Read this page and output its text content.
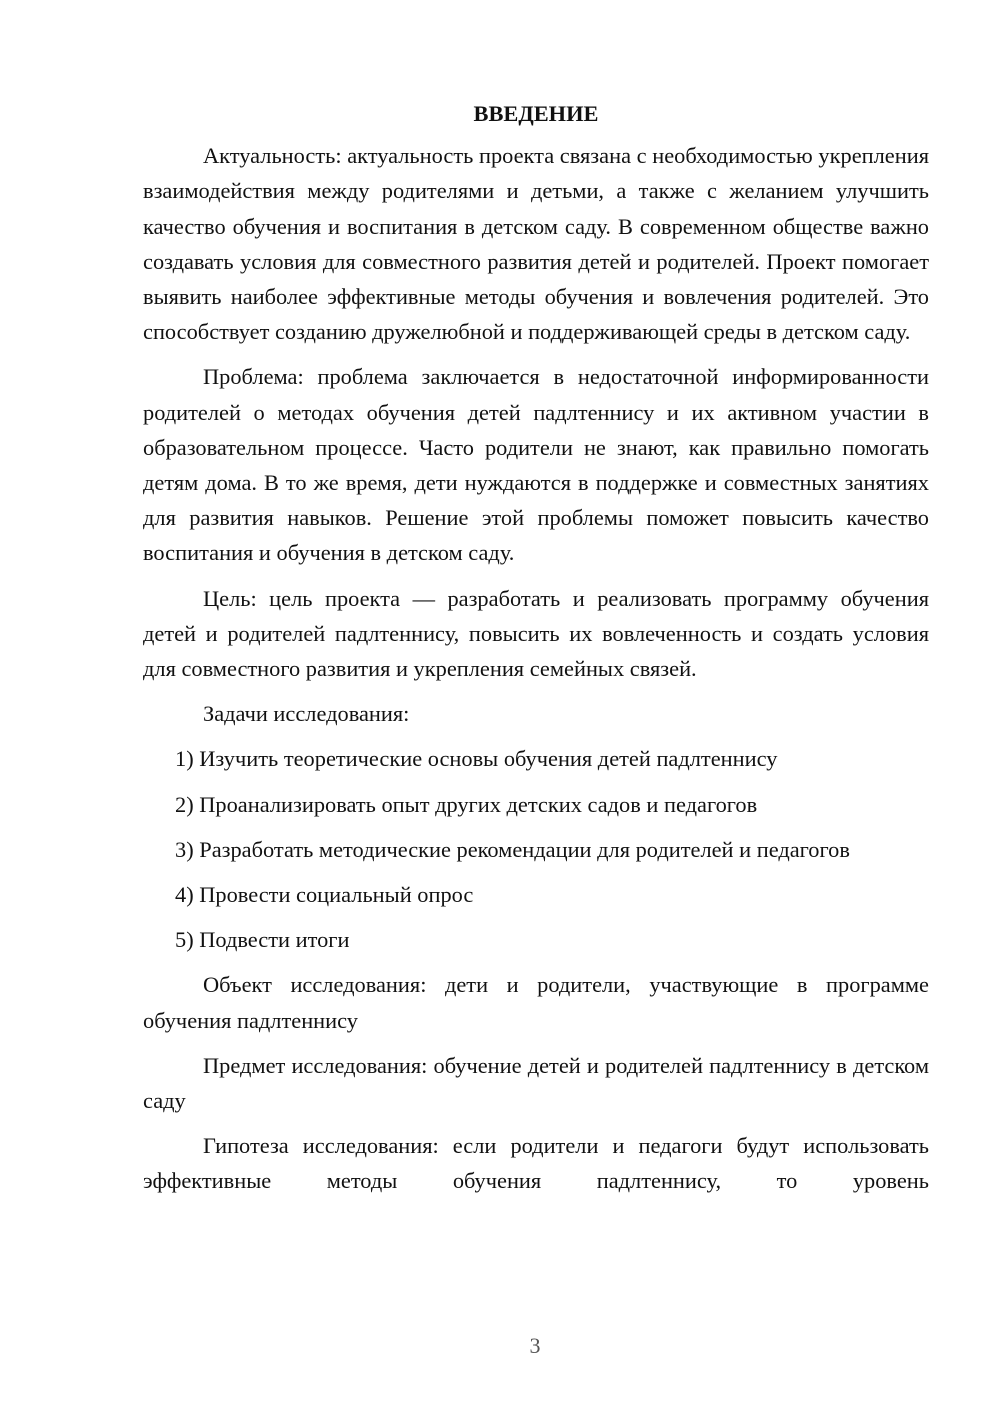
ВВЕДЕНИЕ

Актуальность: актуальность проекта связана с необходимостью укрепления взаимодействия между родителями и детьми, а также с желанием улучшить качество обучения и воспитания в детском саду. В современном обществе важно создавать условия для совместного развития детей и родителей. Проект помогает выявить наиболее эффективные методы обучения и вовлечения родителей. Это способствует созданию дружелюбной и поддерживающей среды в детском саду.

Проблема: проблема заключается в недостаточной информированности родителей о методах обучения детей падлтеннису и их активном участии в образовательном процессе. Часто родители не знают, как правильно помогать детям дома. В то же время, дети нуждаются в поддержке и совместных занятиях для развития навыков. Решение этой проблемы поможет повысить качество воспитания и обучения в детском саду.

Цель: цель проекта — разработать и реализовать программу обучения детей и родителей падлтеннису, повысить их вовлеченность и создать условия для совместного развития и укрепления семейных связей.

Задачи исследования:

1) Изучить теоретические основы обучения детей падлтеннису
2) Проанализировать опыт других детских садов и педагогов
3) Разработать методические рекомендации для родителей и педагогов
4) Провести социальный опрос
5) Подвести итоги

Объект исследования: дети и родители, участвующие в программе обучения падлтеннису

Предмет исследования: обучение детей и родителей падлтеннису в детском саду

Гипотеза исследования: если родители и педагоги будут использовать эффективные методы обучения падлтеннису, то уровень

3
